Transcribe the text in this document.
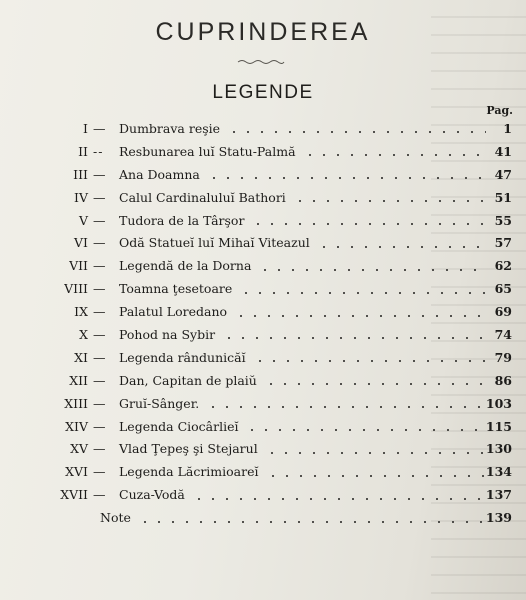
CUPRINDEREA
LEGENDE
Pag.
I — Dumbrava reşie	1
II -- Resbunarea luĭ Statu-Palmă	41
III — Ana Doamna	47
IV — Calul Cardinaluluĭ Bathori	51
V — Tudora de la Târşor	55
VI — Odă Statueĭ luĭ Mihaĭ Viteazul	57
VII — Legendă de la Dorna	62
VIII — Toamna ţesetoare	65
IX — Palatul Loredano	69
X — Pohod na Sybir	74
XI — Legenda rândunicăĭ	79
XII — Dan, Capitan de plaiŭ	86
XIII — Gruĭ-Sânger.	103
XIV — Legenda Ciocârlieĭ	115
XV — Vlad Ţepeş şi Stejarul	130
XVI — Legenda Lăcrimioareĭ	134
XVII — Cuza-Vodă	137
Note	139
